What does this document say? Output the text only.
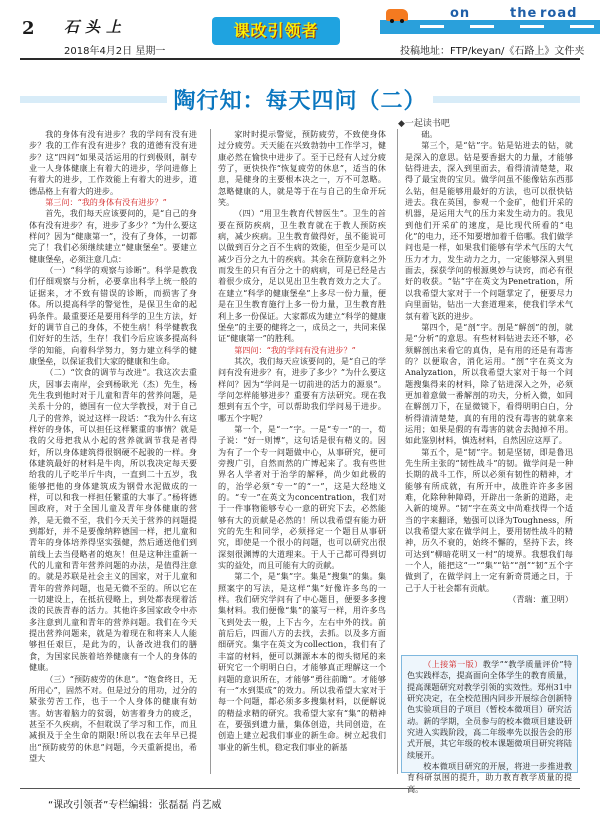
2 石头上
2018年4月2日 星期一
课改引领者
on	the road
投稿地址：FTP/keyan/《石路上》文件夹
陶行知：每天四问（二）
◆一起读书吧

我的身体有没有进步？我的学问有没有进步？我的工作有没有进步？我的道德有没有进步？这“四问”如果灵活运用的行到极则，制专业一人身体健康上有着大的进步，学问进修上有着大的进步，工作效能上有着大的进步，道德品格上有着大的进步。

第三问：“我的身体有没有进步？”

首先，我们每天应该要问的，是“自己的身体有没有进步？有，进步了多少？”为什么要这样问？因为“健康第一”，没有了身体，一切都完了！我们必须继续建立“健康堡垒”。要建立健康堡垒，必须注意几点：

（一）“科学的观察与诊断”。科学是教我们仔细观察与分析，必要拿出科学上统一般的证据来，才不致有错误的诊断，而损害了身体。所以提高科学的警觉性，是保卫生命的起码条件。最重要还是要用科学的卫生方法，好好的调节自己的身体，不使生病！科学健教我们好好的生活，生存！我们今后应该多提高科学的知能，向着科学努力，努力建立科学的健康堡垒，以保证我们大家的健康和生命。

（二）“饮食的调节与改进”。我这次去重庆，因事去南岸，会到杨耿光（杰）先生，杨先生我到他时对于儿童和青年的营养问题，是关系十分的，德国有一位大学教授，对于自己几子的营养，说过这样一段话：“我为什么有这样好的身体，可以担任这样繁重的事情？就是我的父母把我从小起的营养就调节我是者得好，所以身体建筑得很钢硬不起骏的一样。身体建筑最好的材料是牛肉，所以我决定每天要给我的儿子吃半斤牛肉，一直到二十五岁，我能够把他的身体建筑成为钢骨水泥做成的一样，可以和我一样担任繁重的大事了。”杨将德国政府，对于全国儿童及青年身体健康的营养，是无微不至，我们今天关于营养的问题提到都好，并不是要像纳粹德国一样，把儿童和青年的身体培养得坚实强健，然后通送他们到前线上去当侵略者的炮灰！但是这种注重新一代的儿童和青年营养问题的办法，是值得注意的。就是苏联是社会主义的国家，对于儿童和青年的营养问题，也是无微不至的。所以它在一切建设上，在抵抗侵略上，到处都表现着活泼的民族青春的活力。其他许多国家政令中亦多注意到儿童和青年的营养问题。我们在今天提出营养问题来，就是为着现在和将来人人能够担任艰巨，是此为的，认备改进我们的膳食，为国家民族着培养健康有一个人的身体的健康。

（三）“预防疲劳的休息”。“饱食终日，无所用心”，固然不对。但是过分的用功，过分的紧张劳苦工作，也于一个人身体的健康有妨害。妨害着脑力的贫弱，妨害着身力的疲乏，甚至不久疾病，不但耽误了学习和工作，而且减损及于全生命的期限!所以我在去年早已提出“预防疲劳的休息”问题，今天重新提出，希望大

家时时提示警觉，预防疲劳，不致使身体过分疲劳。天天能在兴致勃勃中工作学习，健康必然在愉快中进步了。至于已经有人过分疲劳了，更快快作“恢复疲劳的休息”，适当的休息，是健身的主要根本决之一，万不可忽略。忽略健康的人，就是等于在与自己的生命开玩笑。

（四）“用卫生教育代替医生”。卫生的首要在预防疾病，卫生教育就在于教人预防疾病，减少疾病。卫生教育做得好，虽不能说可以做到百分之百不生病的效能，但至少是可以减少百分之九十的疾病。其余在预防意料之外而发生的只有百分之十的病病，可是已经是古着很少成分，足以见出卫生教育效力之大了。在建立“科学的健康堡垒”上多尽一份力量，便是在卫生教育施行上多一份力量，卫生教育胜利上多一份保证。大家都成为建立“科学的健康堡垒”的主要的健将之一，成员之一，共同来保证“健康第一”的胜利。

第四问：“我的学问有没有进步？”

其次，我们每天应该要问的，是“自己的学问有没有进步？有，进步了多少？”为什么要这样问？因为“学问是一切前进的活力的源泉”。学问怎样能够进步？重要有方法研究。现在我想到有五个字，可以帮助我们学问易于进步。哪五个字呢？

第一个，是“一”字。一是“专一”的一，荀子说：“好一则博”，这句话是很有精义的。因为有了一个专一问题做中心，从事研究，便可旁搜广引，自然而然的广博起来了。我有些世界名人学者对于治学的解释，尚少如此极的的，治学必须“专一”的“一”，这是大经地义的。“专一”在英文为concentration，我们对于一件事物能够专心一意的研究下去，必然能够有大的贡献是必然的！所以我希望有能力研究的先生和同学，必须择定一个题目从事研究，即使是一个很小的问题，也可以研究出很深刻很渊博的大道理来。于人于己都可得到切实的益处，而且可能有大的贡献。

第二个，是“集”字。集是“搜集”的集。集照案字的写法，是这样“集”好像许多鸟的一样。我们研究学问有了中心题目，便要多多搜集材料。我们便像“集”的篆写一样，用许多鸟飞到处去一般，上下古今，左右中外的找。前前后后，四面八方的去找，去抓。以及多方面细研究。集字在英文为collection，我们有了丰富的材料，便可以渊源本本的彻头彻尾的来研究它一个明明白白，才能够真正理解这一个问题的意识所在，才能够“勇往前瞻”。才能够有一“水到渠成”的效力。所以我希望大家对于每一个问题，都必须多多搜集材料，以便解说的精益求精的研究。我希望大家有“集”的精神在，要强到遗力量，集体创造，共同创造，在创造上建立起我们事业的新生命。树立起我们事业的新生机，稳定我们事业的新基

础。

第三个，是“钻”字。钻是钻进去的钻，就是深入的意思。钻是要香据大的力量，才能够钻得进去，深入到里面去，看得清清楚楚，取得了最宝贵的宝贝。做学问虽不能像钻东西那么钻，但是能够用最好的方法，也可以很快钻进去。我在英国，参观一个金矿，他们开采的机器，是运用大气的压力来发生动力的。我见到他们开采矿的速度，是比现代所看的“电化”的电力，还不知要增加着千倍哪。我们做学问也是一样，如果我们能够有学术气压的大气压力才力，发生动力之力，一定能够深入到里面去，探获学问的根源奥妙与诀窍，而必有很好的收获。“钻”字在英文为Penetration，所以我希望大家对于一个问题掌定了，便要尽力向里面钻，钻出一大套道理来，使我们学术气氛有着飞跃的进步。

第四个，是“剖”字。剖是“解剖”的剖，就是“分析”的意思。有些材料钻进去还不够，必须解剖出来看它的真伪，是有用的还是有毒害的？以便取舍，消化运用。“剖”字在英文为Analyzation，所以我希望大家对于每一个问题搜集得来的材料，除了钻进深入之外，必须更加着意做一番解剖的功夫，分析入微，如同在解剖刀下，在显微镜下，看得明明白白，分析得清清楚楚，真的有用的没有毒害的就拿来运用；如果是假的有毒害的就舍去抛掉不用。如此鉴别材料，慎选材料，自然因应这厚了。

第五个，是“韧”字。韧是坚韧，即是鲁迅先生所主张的“韧性战斗”的韧。做学问是一种长期的战斗工作，所以必须有韧性的精神，才能够有所成就，有所开中，战胜许许多多困难，化除种种障碍，开辟出一条新的道路，走入新的境界。“韧”字在英文中尚难找得一个适当的字来翻译，勉强可以译为Toughness，所以我希望大家在做学问上，要用韧性战斗的精神，历久不衰的，始终不懈的，坚持下去，终可达到“柳暗花明又一村”的境界。我想我们每一个人，能把这“一”“集”“钻”“剖”“韧”五个字做到了，在做学问上一定有新奇贯通之日，于己于人于社会都有贡献。

（青瑞：董卫明）

（上接第一版）教学”“教学质量评价”特色实践样态，提高面向全体学生的教育质量，提高课题研究对教学引领的实效性。郑州31中研究决定，在全校范围内同步开展综合创新特色实验项目的子项目（暂校本微项目）研究活动。新的学期，全员参与的校本微项目建设研究进入实践阶段，高二年级率先以报告会的形式开展，其它年级的校本课题微项目研究将陆续展开。

校本微项目研究的开展，将进一步推进教育科研氛围的提升，助力教育教学质量的提

“课改引领者”专栏编辑：张磊磊 肖艺威
